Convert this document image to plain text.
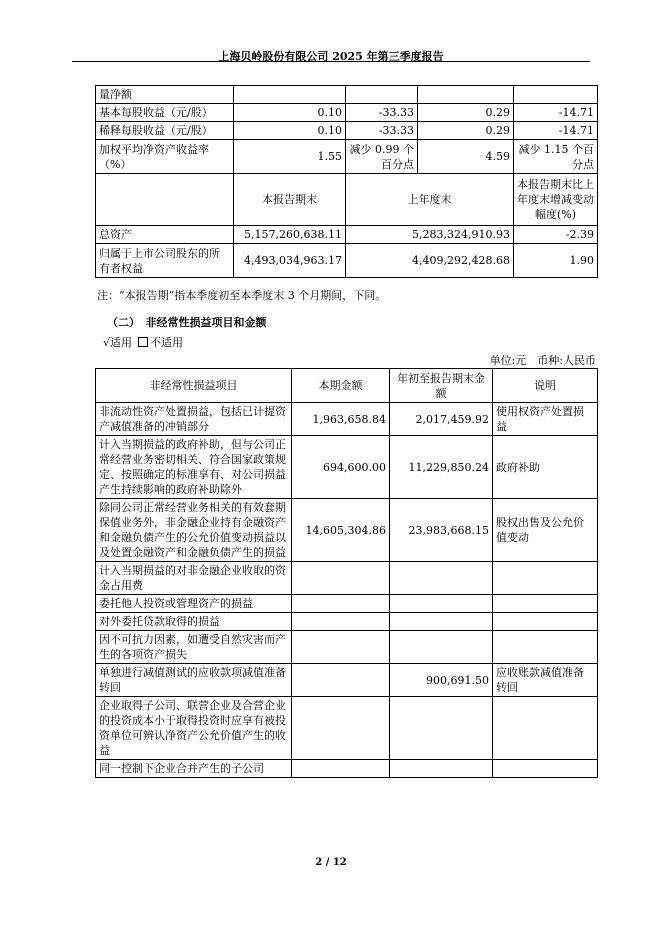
上海贝岭股份有限公司 2025 年第三季度报告
量净额				
基本每股收益（元/股）	0.10	-33.33	0.29	-14.71
稀释每股收益（元/股）	0.10	-33.33	0.29	-14.71
加权平均净资产收益率（%）	1.55	减少 0.99 个百分点	4.59	减少 1.15 个百分点
	本报告期末	上年度末		本报告期末比上年度末增减变动幅度(%)
总资产	5,157,260,638.11	5,283,324,910.93		-2.39
归属于上市公司股东的所有者权益	4,493,034,963.17	4,409,292,428.68		1.90
注：“本报告期”指本季度初至本季度末 3 个月期间，下同。
（二）　非经常性损益项目和金额
√适用 不适用
单位:元　币种:人民币
非经常性损益项目	本期金额	年初至报告期末金额	说明
非流动性资产处置损益，包括已计提资产减值准备的冲销部分	1,963,658.84	2,017,459.92	使用权资产处置损益
计入当期损益的政府补助，但与公司正常经营业务密切相关、符合国家政策规定、按照确定的标准享有、对公司损益产生持续影响的政府补助除外	694,600.00	11,229,850.24	政府补助
除同公司正常经营业务相关的有效套期保值业务外，非金融企业持有金融资产和金融负债产生的公允价值变动损益以及处置金融资产和金融负债产生的损益	14,605,304.86	23,983,668.15	股权出售及公允价值变动
计入当期损益的对非金融企业收取的资金占用费			
委托他人投资或管理资产的损益			
对外委托贷款取得的损益			
因不可抗力因素，如遭受自然灾害而产生的各项资产损失			
单独进行减值测试的应收款项减值准备转回		900,691.50	应收账款减值准备转回
企业取得子公司、联营企业及合营企业的投资成本小于取得投资时应享有被投资单位可辨认净资产公允价值产生的收益			
同一控制下企业合并产生的子公司			
2 / 12
